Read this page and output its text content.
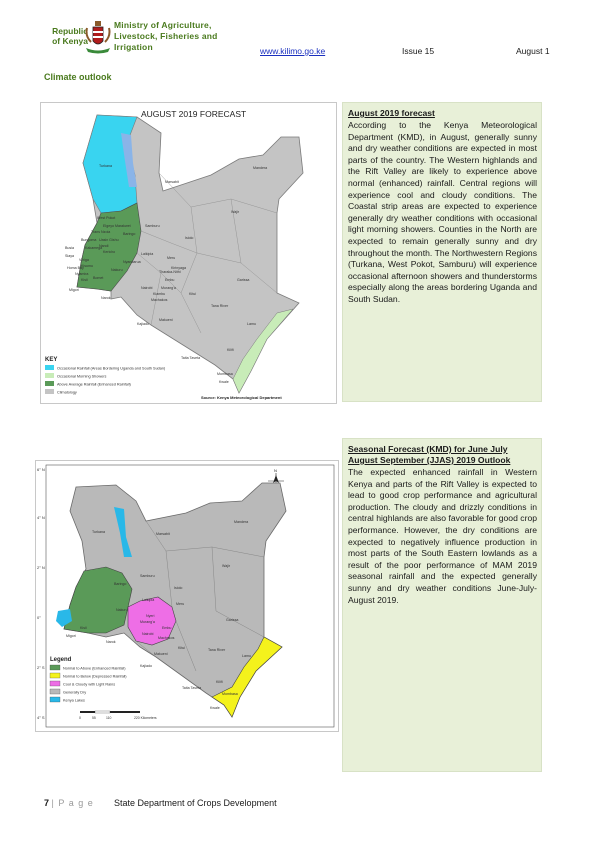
Republic
of Kenya
Ministry of Agriculture,
Livestock, Fisheries and
Irrigation	www.kilimo.go.ke	Issue 15	August 1
Climate outlook
AUGUST 2019 FORECAST
Turkana
Marsabit
Mandera
Wajir
West Pokot
Samburu
Isiolo
Trans Nzoia
Uasin Gishu
Laikipia
Meru
Nakuru
Nyandarua
Tharaka-Nithi
Embu	Garissa
Nairobi
Kitui
Machakos
Tana River
Kajiado
Makueni
Lamu
Taita Taveta
Kilifi
Mombasa
Kwale
Narok
Migori
Kisii
Kericho
Bomet
Nyamira
Homa Bay
Siaya
Busia	Kakamega
Bungoma
Vihiga
Kisumu
Nandi
Baringo
Elgeyo Marakwet
Murang'a
Kiambu
Kirinyaga
KEY
Occasional Rainfall (Areas Bordering Uganda and South Sudan)
Occasional Morning Showers
Above Average Rainfall (Enhanced Rainfall)
Climatology
Source: Kenya Meteorological Department
August 2019 forecast

According to the Kenya Meteorological Department (KMD), in August, generally sunny and dry weather conditions are expected in most parts of the country. The Western highlands and the Rift Valley are likely to experience above normal (enhanced) rainfall. Central regions will experience cool and cloudy conditions. The Coastal strip areas are expected to experience generally dry weather conditions with occasional light morning showers. Counties in the North are expected to remain generally sunny and dry throughout the month. The Northwestern Regions (Turkana, West Pokot, Samburu) will experience occasional afternoon showers and thunderstorms especially along the areas bordering Uganda and South Sudan.

6° N
4° N
2° N
0°
2° S
4° S
N
Turkana	Marsabit
Mandera
Wajir
Samburu
Isiolo
Meru
Garissa
Kitui	Tana River
Lamu
Kilifi
Kwale
Mombasa
Taita Taveta
Kajiado
Makueni
Machakos
Nairobi
Narok
Migori
Kisii
Nakuru
Baringo
Murang'a
Embu
Nyeri
Laikipia
Legend
Normal to Above (Enhanced Rainfall)
Normal to Below (Depressed Rainfall)
Cool & Cloudy with Light Rains
Generally Dry
Kenya Lakes
0	55	110	220 Kilometers
Seasonal Forecast (KMD) for June July August September (JJAS) 2019 Outlook

The expected enhanced rainfall in Western Kenya and parts of the Rift Valley is expected to lead to good crop performance and agricultural production. The cloudy and drizzly conditions in central highlands are also favorable for good crop performance. However, the dry conditions are expected to negatively influence production in most parts of the South Eastern lowlands as a result of the poor performance of MAM 2019 seasonal rainfall and the expected generally sunny and dry weather conditions June-July-August 2019.

7 | P a g e State Department of Crops Development
